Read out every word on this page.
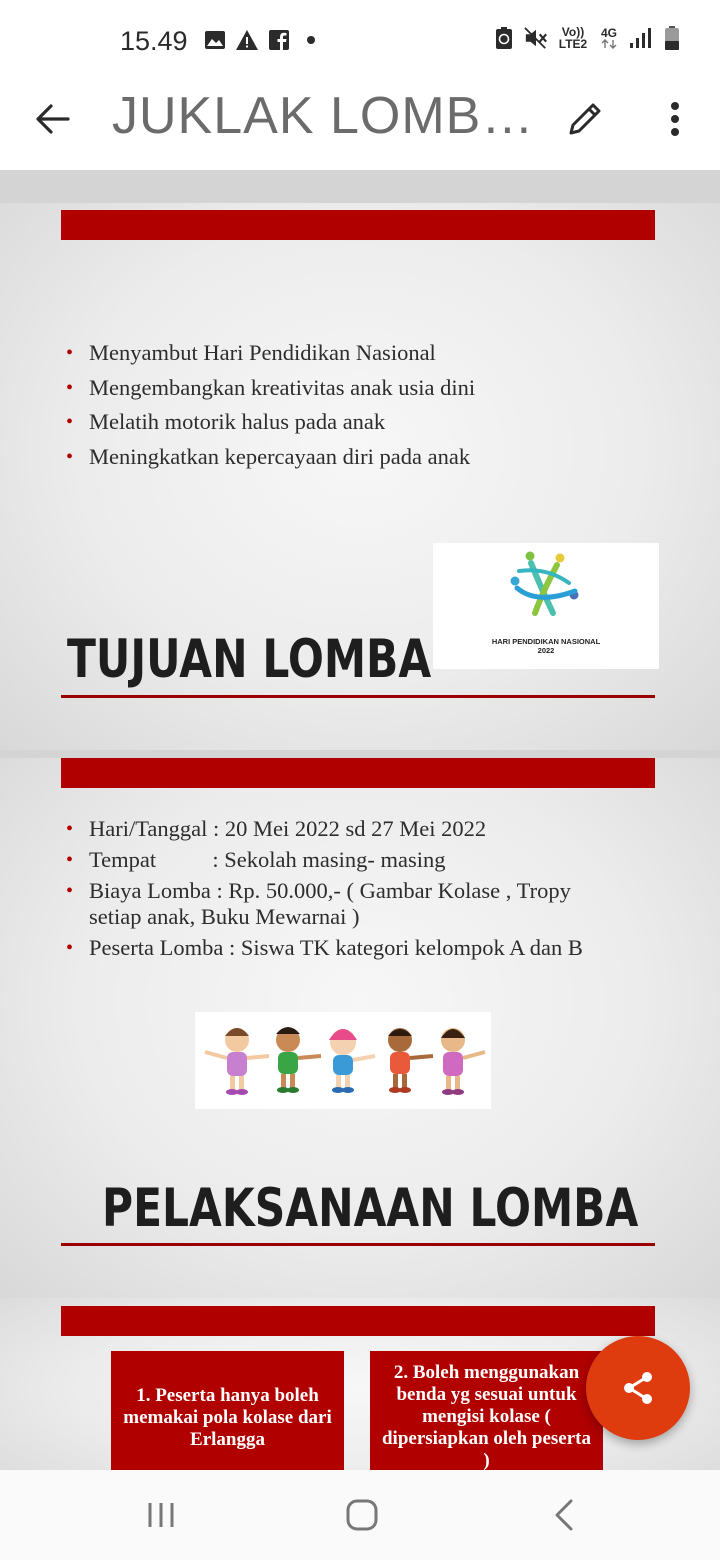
15.49	Vo))
LTE2
4G
JUKLAK LOMB…
• Menyambut Hari Pendidikan Nasional
• Mengembangkan kreativitas anak usia dini
• Melatih motorik halus pada anak
• Meningkatkan kepercayaan diri pada anak
HARI PENDIDIKAN NASIONAL
2022
TUJUAN LOMBA
• Hari/Tanggal : 20 Mei 2022 sd 27 Mei 2022
• Tempat          : Sekolah masing- masing
• Biaya Lomba : Rp. 50.000,- ( Gambar Kolase , Tropy setiap anak, Buku Mewarnai )
• Peserta Lomba : Siswa TK kategori kelompok A dan B
PELAKSANAAN LOMBA
1. Peserta hanya boleh memakai pola kolase dari Erlangga
2. Boleh menggunakan benda yg sesuai untuk mengisi kolase ( dipersiapkan oleh peserta )
